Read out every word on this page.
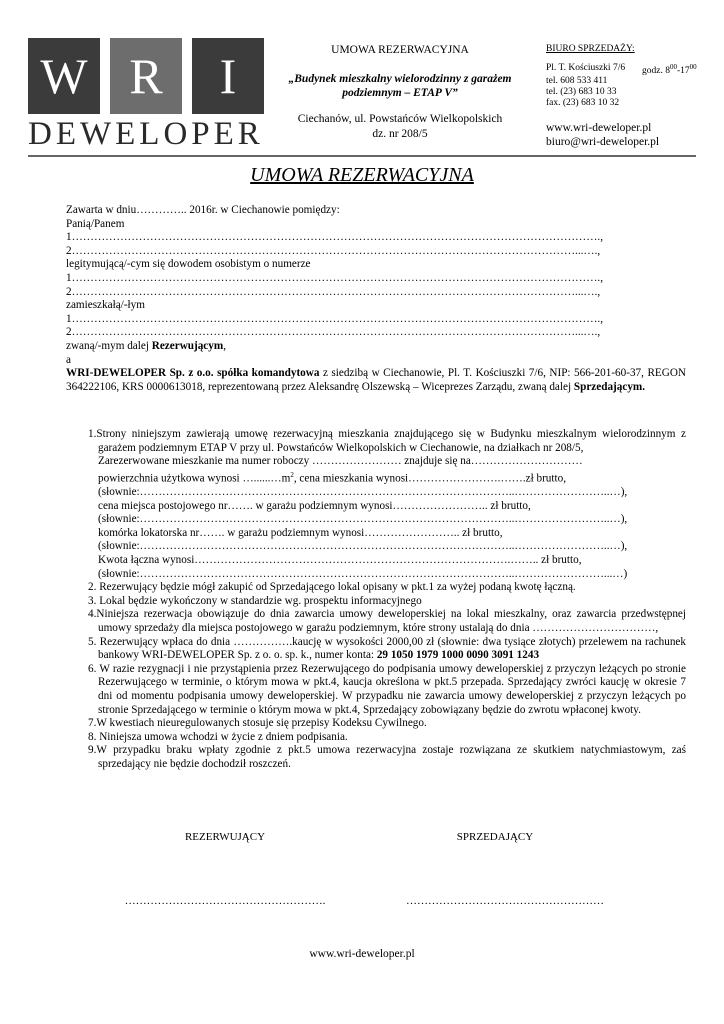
W R	I
DEWELOPER
UMOWA REZERWACYJNA
„Budynek mieszkalny wielorodzinny z garażem podziemnym – ETAP V”
Ciechanów, ul. Powstańców Wielkopolskich
dz. nr 208/5
BIURO SPRZEDAŻY:
Pl. T. Kościuszki 7/6 godz. $8^{00}-17^{00}$
tel. 608 533 411
tel. (23) 683 10 33
fax. (23) 683 10 32
www.wri-deweloper.pl
biuro@wri-deweloper.pl
UMOWA REZERWACYJNA
Zawarta w dniu………….. 2016r. w Ciechanowie pomiędzy:
Panią/Panem
1…………………………………………………………………………………………………………………………….,
2………………………………………………………………………………………………………………………...….,
legitymującą/-cym się dowodem osobistym o numerze
1…………………………………………………………………………………………………………………………….,
2………………………………………………………………………………………………………………………...….,
zamieszkałą/-łym
1…………………………………………………………………………………………………………………………….,
2………………………………………………………………………………………………………………………...….,
zwaną/-mym dalej Rezerwującym,
a
WRI-DEWELOPER Sp. z o.o. spółka komandytowa z siedzibą w Ciechanowie, Pl. T. Kościuszki 7/6, NIP: 566-201-60-37, REGON 364222106, KRS 0000613018, reprezentowaną przez Aleksandrę Olszewską – Wiceprezes Zarządu, zwaną dalej Sprzedającym.
1.Strony niniejszym zawierają umowę rezerwacyjną mieszkania znajdującego się w Budynku mieszkalnym wielorodzinnym z garażem podziemnym ETAP V przy ul. Powstańców Wielkopolskich w Ciechanowie, na działkach nr 208/5,
Zarezerwowane mieszkanie ma numer roboczy …………………… znajduje się na…………………………
powierzchnia użytkowa wynosi $\dots......\dots m^2$, cena mieszkania wynosi…………………….…….zł brutto,
(słownie:………………………………………………………………………………………..……………………..…),
cena miejsca postojowego nr……. w garażu podziemnym wynosi…………………….. zł brutto,
(słownie:………………………………………………………………………………………..……………………..…),
komórka lokatorska nr……. w garażu podziemnym wynosi…………………….. zł brutto,
(słownie:………………………………………………………………………………………..……………………..…),
Kwota łączna wynosi………………………………………………………………………….…….. zł brutto,
(słownie:………………………………………………………………………………………..……………………...…)
2. Rezerwujący będzie mógł zakupić od Sprzedającego lokal opisany w pkt.1 za wyżej podaną kwotę łączną.
3. Lokal będzie wykończony w standardzie wg. prospektu informacyjnego
4.Niniejsza rezerwacja obowiązuje do dnia zawarcia umowy deweloperskiej na lokal mieszkalny, oraz zawarcia przedwstępnej umowy sprzedaży dla miejsca postojowego w garażu podziemnym, które strony ustalają do dnia ……………………………,
5. Rezerwujący wpłaca do dnia …………….kaucję w wysokości 2000,00 zł (słownie: dwa tysiące złotych) przelewem na rachunek bankowy WRI-DEWELOPER Sp. z o. o. sp. k., numer konta: 29 1050 1979 1000 0090 3091 1243
6. W razie rezygnacji i nie przystąpienia przez Rezerwującego do podpisania umowy deweloperskiej z przyczyn leżących po stronie Rezerwującego w terminie, o którym mowa w pkt.4, kaucja określona w pkt.5 przepada. Sprzedający zwróci kaucję w okresie 7 dni od momentu podpisania umowy deweloperskiej. W przypadku nie zawarcia umowy deweloperskiej z przyczyn leżących po stronie Sprzedającego w terminie o którym mowa w pkt.4, Sprzedający zobowiązany będzie do zwrotu wpłaconej kwoty.
7.W kwestiach nieuregulowanych stosuje się przepisy Kodeksu Cywilnego.
8. Niniejsza umowa wchodzi w życie z dniem podpisania.
9.W przypadku braku wpłaty zgodnie z pkt.5 umowa rezerwacyjna zostaje rozwiązana ze skutkiem natychmiastowym, zaś sprzedający nie będzie dochodził roszczeń.
REZERWUJĄCY	SPRZEDAJĄCY
……………………………………………….	………………………………………………
www.wri-deweloper.pl
